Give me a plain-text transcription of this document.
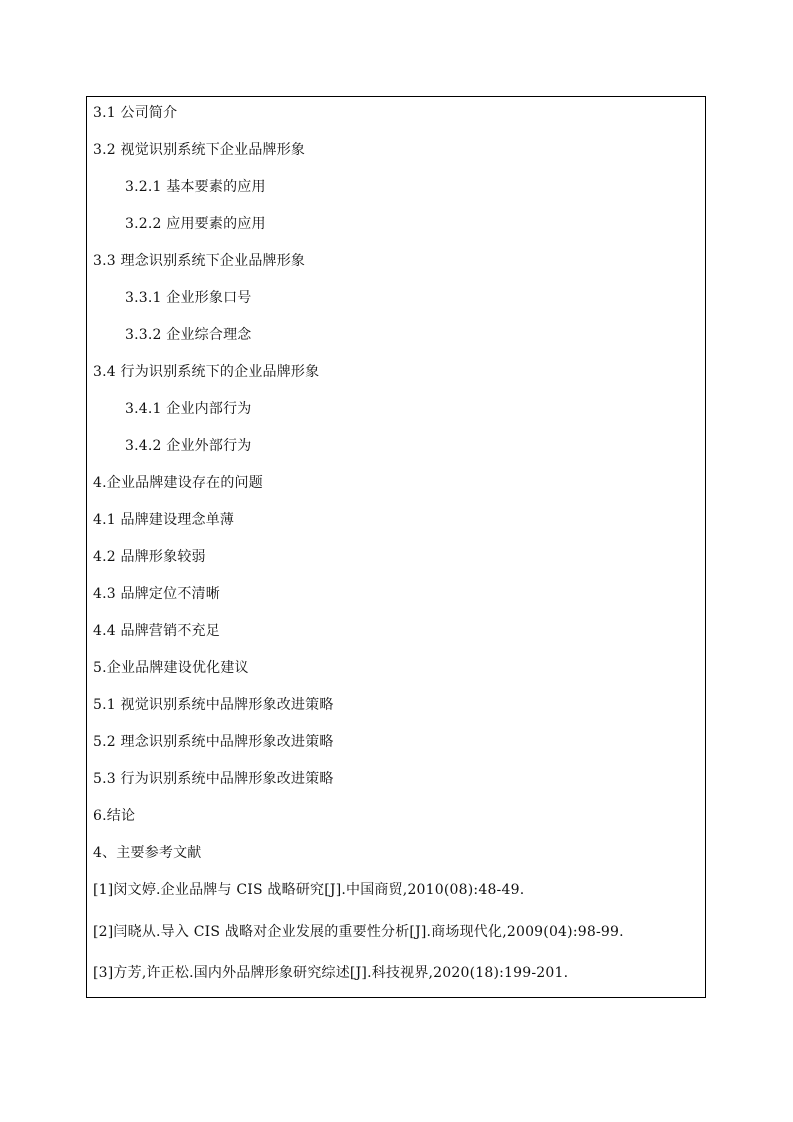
3.1 公司简介
3.2 视觉识别系统下企业品牌形象
3.2.1 基本要素的应用
3.2.2 应用要素的应用
3.3 理念识别系统下企业品牌形象
3.3.1 企业形象口号
3.3.2 企业综合理念
3.4 行为识别系统下的企业品牌形象
3.4.1 企业内部行为
3.4.2 企业外部行为
4.企业品牌建设存在的问题
4.1 品牌建设理念单薄
4.2 品牌形象较弱
4.3 品牌定位不清晰
4.4 品牌营销不充足
5.企业品牌建设优化建议
5.1 视觉识别系统中品牌形象改进策略
5.2 理念识别系统中品牌形象改进策略
5.3 行为识别系统中品牌形象改进策略
6.结论
4、主要参考文献
[1]闵文婷.企业品牌与 CIS 战略研究[J].中国商贸,2010(08):48-49.
[2]闫晓从.导入 CIS 战略对企业发展的重要性分析[J].商场现代化,2009(04):98-99.
[3]方芳,许正松.国内外品牌形象研究综述[J].科技视界,2020(18):199-201.
